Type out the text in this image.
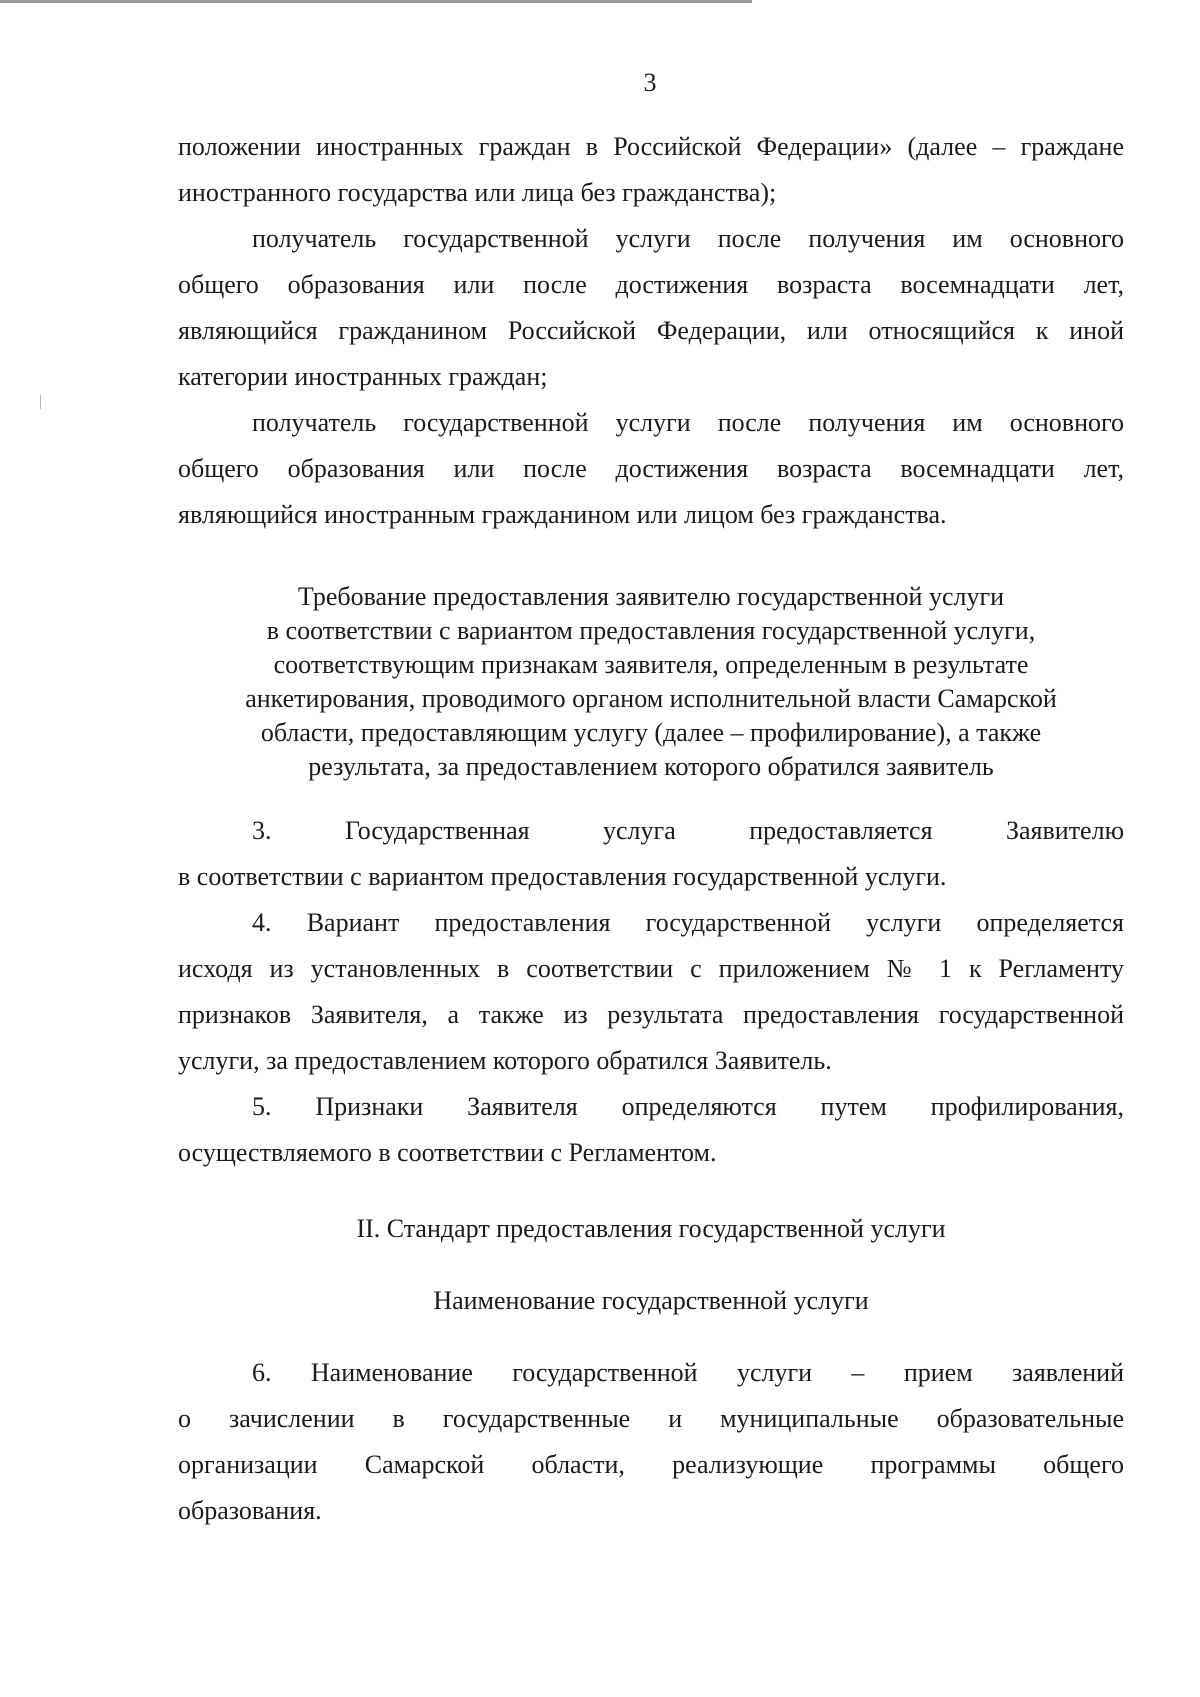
3
положении иностранных граждан в Российской Федерации» (далее – граждане
иностранного государства или лица без гражданства);
получатель государственной услуги после получения им основного
общего образования или после достижения возраста восемнадцати лет,
являющийся гражданином Российской Федерации, или относящийся к иной
категории иностранных граждан;
получатель государственной услуги после получения им основного
общего образования или после достижения возраста восемнадцати лет,
являющийся иностранным гражданином или лицом без гражданства.
Требование предоставления заявителю государственной услуги
в соответствии с вариантом предоставления государственной услуги,
соответствующим признакам заявителя, определенным в результате
анкетирования, проводимого органом исполнительной власти Самарской
области, предоставляющим услугу (далее – профилирование), а также
результата, за предоставлением которого обратился заявитель
3. Государственная услуга предоставляется Заявителю
в соответствии с вариантом предоставления государственной услуги.
4. Вариант предоставления государственной услуги определяется
исходя из установленных в соответствии с приложением № 1 к Регламенту
признаков Заявителя, а также из результата предоставления государственной
услуги, за предоставлением которого обратился Заявитель.
5. Признаки Заявителя определяются путем профилирования,
осуществляемого в соответствии с Регламентом.
II. Стандарт предоставления государственной услуги
Наименование государственной услуги
6. Наименование государственной услуги – прием заявлений
о зачислении в государственные и муниципальные образовательные
организации Самарской области, реализующие программы общего
образования.
